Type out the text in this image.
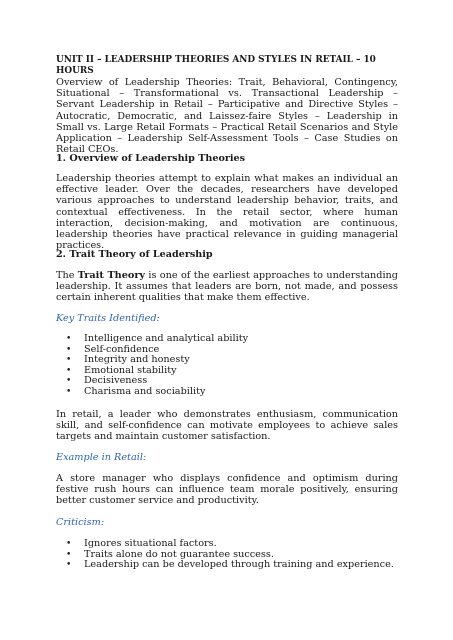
UNIT II – LEADERSHIP THEORIES AND STYLES IN RETAIL – 10 HOURS

Overview of Leadership Theories: Trait, Behavioral, Contingency, Situational – Transformational vs. Transactional Leadership – Servant Leadership in Retail – Participative and Directive Styles – Autocratic, Democratic, and Laissez-faire Styles – Leadership in Small vs. Large Retail Formats – Practical Retail Scenarios and Style Application – Leadership Self-Assessment Tools – Case Studies on Retail CEOs.

1. Overview of Leadership Theories

Leadership theories attempt to explain what makes an individual an effective leader. Over the decades, researchers have developed various approaches to understand leadership behavior, traits, and contextual effectiveness. In the retail sector, where human interaction, decision-making, and motivation are continuous, leadership theories have practical relevance in guiding managerial practices.

2. Trait Theory of Leadership

The Trait Theory is one of the earliest approaches to understanding leadership. It assumes that leaders are born, not made, and possess certain inherent qualities that make them effective.

Key Traits Identified:

• Intelligence and analytical ability
• Self-confidence
• Integrity and honesty
• Emotional stability
• Decisiveness
• Charisma and sociability

In retail, a leader who demonstrates enthusiasm, communication skill, and self-confidence can motivate employees to achieve sales targets and maintain customer satisfaction.

Example in Retail:

A store manager who displays confidence and optimism during festive rush hours can influence team morale positively, ensuring better customer service and productivity.

Criticism:

• Ignores situational factors.
• Traits alone do not guarantee success.
• Leadership can be developed through training and experience.
